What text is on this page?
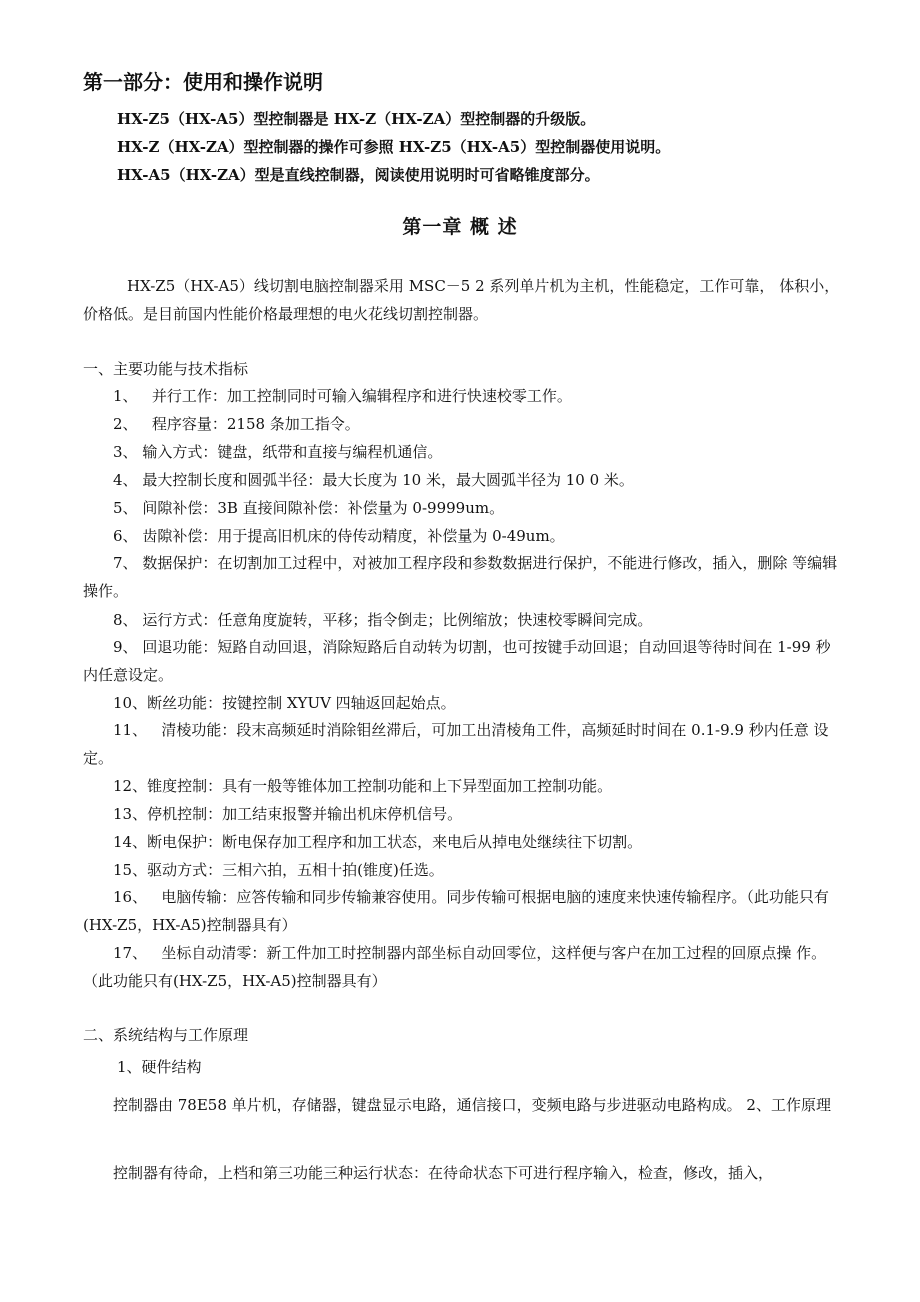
第一部分：使用和操作说明
HX-Z5（HX-A5）型控制器是 HX-Z（HX-ZA）型控制器的升级版。
HX-Z（HX-ZA）型控制器的操作可参照 HX-Z5（HX-A5）型控制器使用说明。
HX-A5（HX-ZA）型是直线控制器，阅读使用说明时可省略锥度部分。
第一章 概 述
HX-Z5（HX-A5）线切割电脑控制器采用 MSC－5 2 系列单片机为主机，性能稳定，工作可靠， 体积小，价格低。是目前国内性能价格最理想的电火花线切割控制器。
一、主要功能与技术指标
1、 并行工作：加工控制同时可输入编辑程序和进行快速校零工作。
2、 程序容量：2158 条加工指令。
3、 输入方式：键盘，纸带和直接与编程机通信。
4、 最大控制长度和圆弧半径：最大长度为 10 米，最大圆弧半径为 10 0 米。
5、 间隙补偿：3B 直接间隙补偿：补偿量为 0-9999um。
6、 齿隙补偿：用于提高旧机床的侍传动精度，补偿量为 0-49um。
7、 数据保护：在切割加工过程中，对被加工程序段和参数数据进行保护，不能进行修改，插入，删除 等编辑操作。
8、 运行方式：任意角度旋转，平移；指令倒走；比例缩放；快速校零瞬间完成。
9、 回退功能：短路自动回退，消除短路后自动转为切割，也可按键手动回退；自动回退等待时间在 1-99 秒内任意设定。
10、断丝功能：按键控制 XYUV 四轴返回起始点。
11、 清棱功能：段末高频延时消除钼丝滞后，可加工出清棱角工件，高频延时时间在 0.1-9.9 秒内任意 设定。
12、锥度控制：具有一般等锥体加工控制功能和上下异型面加工控制功能。
13、停机控制：加工结束报警并输出机床停机信号。
14、断电保护：断电保存加工程序和加工状态，来电后从掉电处继续往下切割。
15、驱动方式：三相六拍，五相十拍(锥度)任选。
16、 电脑传输：应答传输和同步传输兼容使用。同步传输可根据电脑的速度来快速传输程序。（此功能只有(HX-Z5，HX-A5)控制器具有）
17、 坐标自动清零：新工件加工时控制器内部坐标自动回零位，这样便与客户在加工过程的回原点操 作。（此功能只有(HX-Z5，HX-A5)控制器具有）
二、系统结构与工作原理
1、硬件结构
控制器由 78E58 单片机，存储器，键盘显示电路，通信接口，变频电路与步进驱动电路构成。 2、工作原理
控制器有待命，上档和第三功能三种运行状态：在待命状态下可进行程序输入，检查，修改，插入，
